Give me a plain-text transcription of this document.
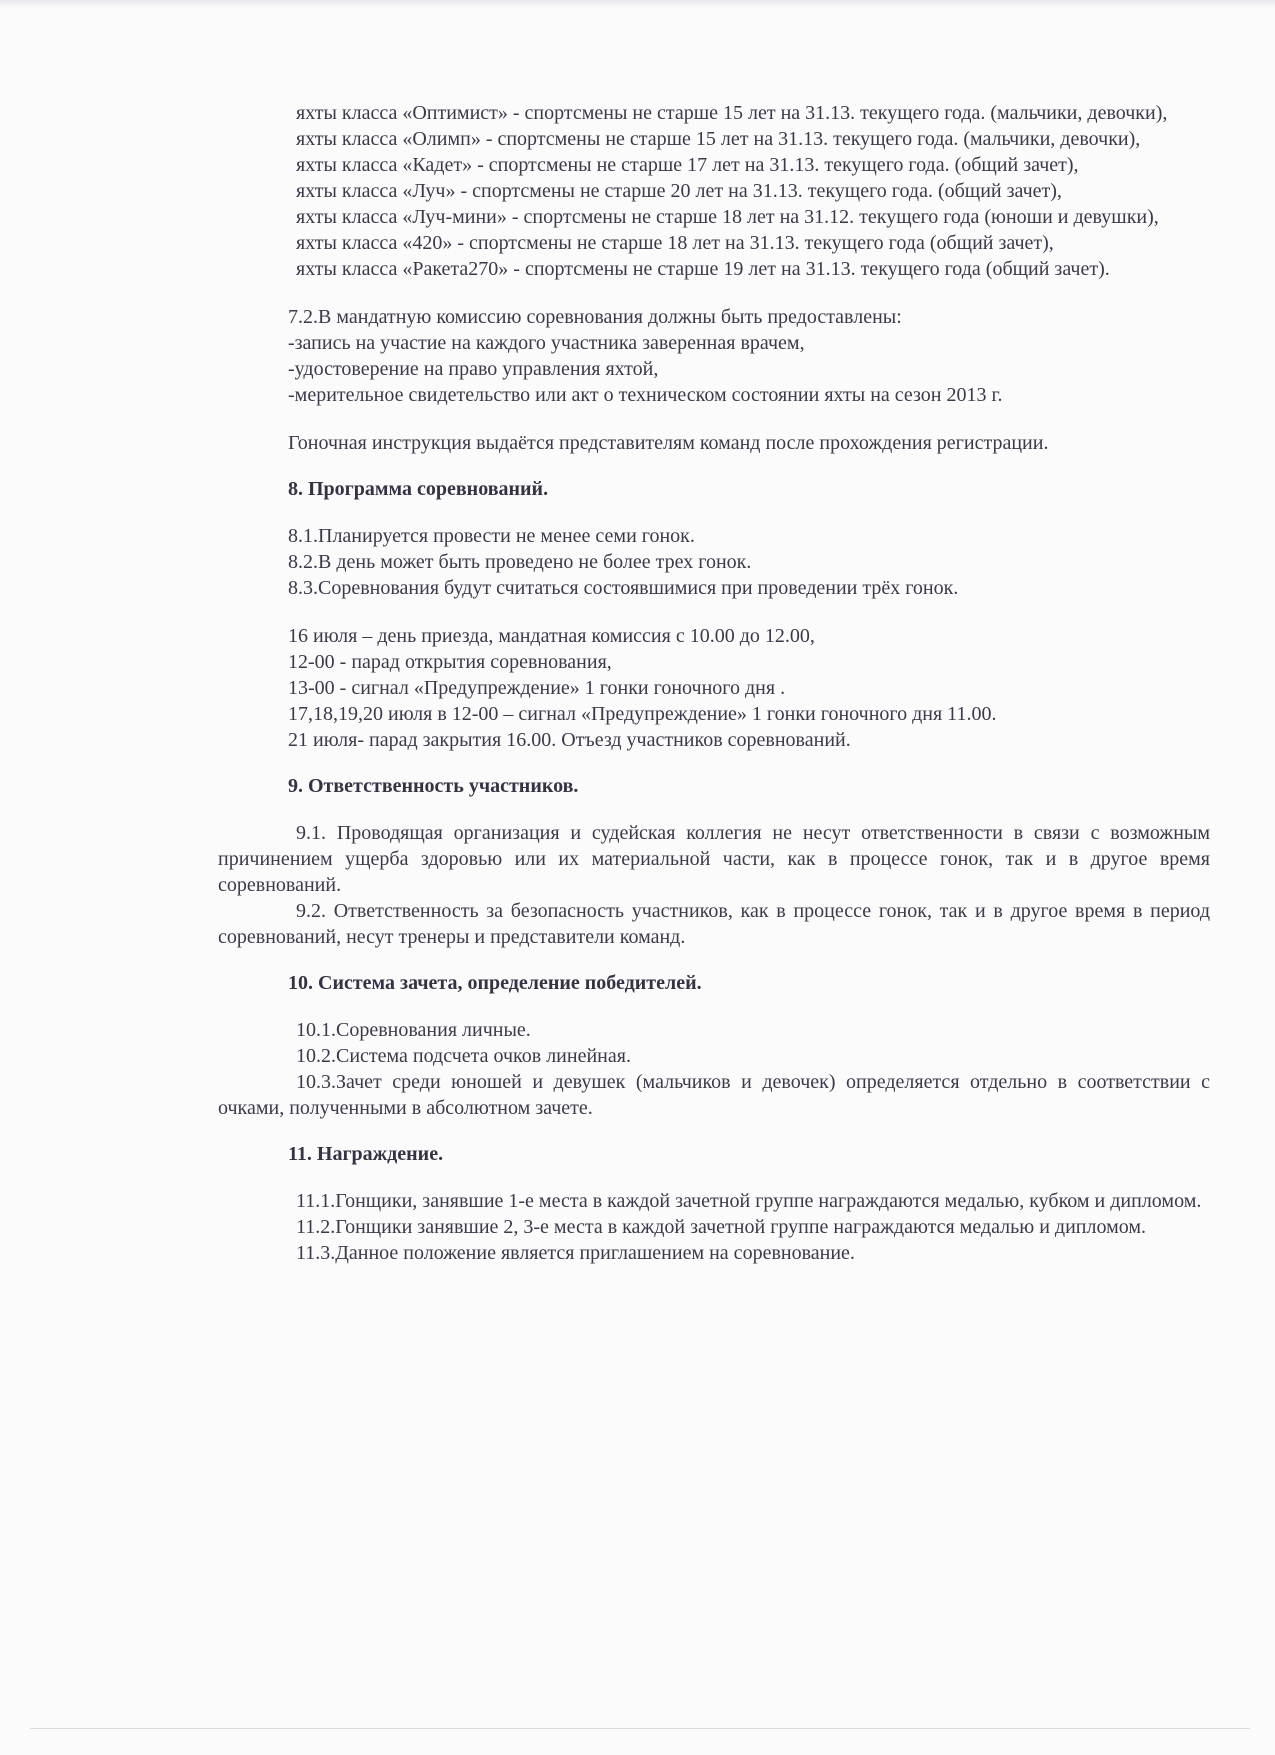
яхты класса «Оптимист» - спортсмены не старше 15 лет на 31.13. текущего года. (мальчики, девочки),

яхты класса «Олимп» - спортсмены не старше 15 лет на 31.13. текущего года. (мальчики, девочки),

яхты класса «Кадет» - спортсмены не старше 17 лет на 31.13. текущего года. (общий зачет),

яхты класса «Луч» - спортсмены не старше 20 лет на 31.13. текущего года. (общий зачет),

яхты класса «Луч-мини» - спортсмены не старше 18 лет на 31.12. текущего года (юноши и девушки),

яхты класса «420» - спортсмены не старше 18 лет на 31.13. текущего года (общий зачет),

яхты класса «Ракета270» - спортсмены не старше 19 лет на 31.13. текущего года (общий зачет).

7.2.В мандатную комиссию соревнования должны быть предоставлены:

-запись на участие на каждого участника заверенная врачем,

-удостоверение на право управления яхтой,

-мерительное свидетельство или акт о техническом состоянии яхты на сезон 2013 г.

Гоночная инструкция выдаётся представителям команд после прохождения регистрации.

8. Программа соревнований.

8.1.Планируется провести не менее семи гонок.

8.2.В день может быть проведено не более трех гонок.

8.3.Соревнования будут считаться состоявшимися при проведении трёх гонок.

16 июля – день приезда, мандатная комиссия с 10.00 до 12.00,

12-00 - парад открытия соревнования,

13-00 - сигнал «Предупреждение» 1 гонки гоночного дня .

17,18,19,20 июля в 12-00 – сигнал «Предупреждение» 1 гонки гоночного дня 11.00.

21 июля- парад закрытия 16.00. Отъезд участников соревнований.

9. Ответственность участников.

9.1. Проводящая организация и судейская коллегия не несут ответственности в связи с возможным причинением ущерба здоровью или их материальной части, как в процессе гонок, так и в другое время соревнований.

9.2. Ответственность за безопасность участников, как в процессе гонок, так и в другое время в период соревнований, несут тренеры и представители команд.

10. Система зачета, определение победителей.

10.1.Соревнования личные.

10.2.Система подсчета очков линейная.

10.3.Зачет среди юношей и девушек (мальчиков и девочек) определяется отдельно в соответствии с очками, полученными в абсолютном зачете.

11. Награждение.

11.1.Гонщики, занявшие 1-е места в каждой зачетной группе награждаются медалью, кубком и дипломом.

11.2.Гонщики занявшие 2, 3-е места в каждой зачетной группе награждаются медалью и дипломом.

11.3.Данное положение является приглашением на соревнование.
